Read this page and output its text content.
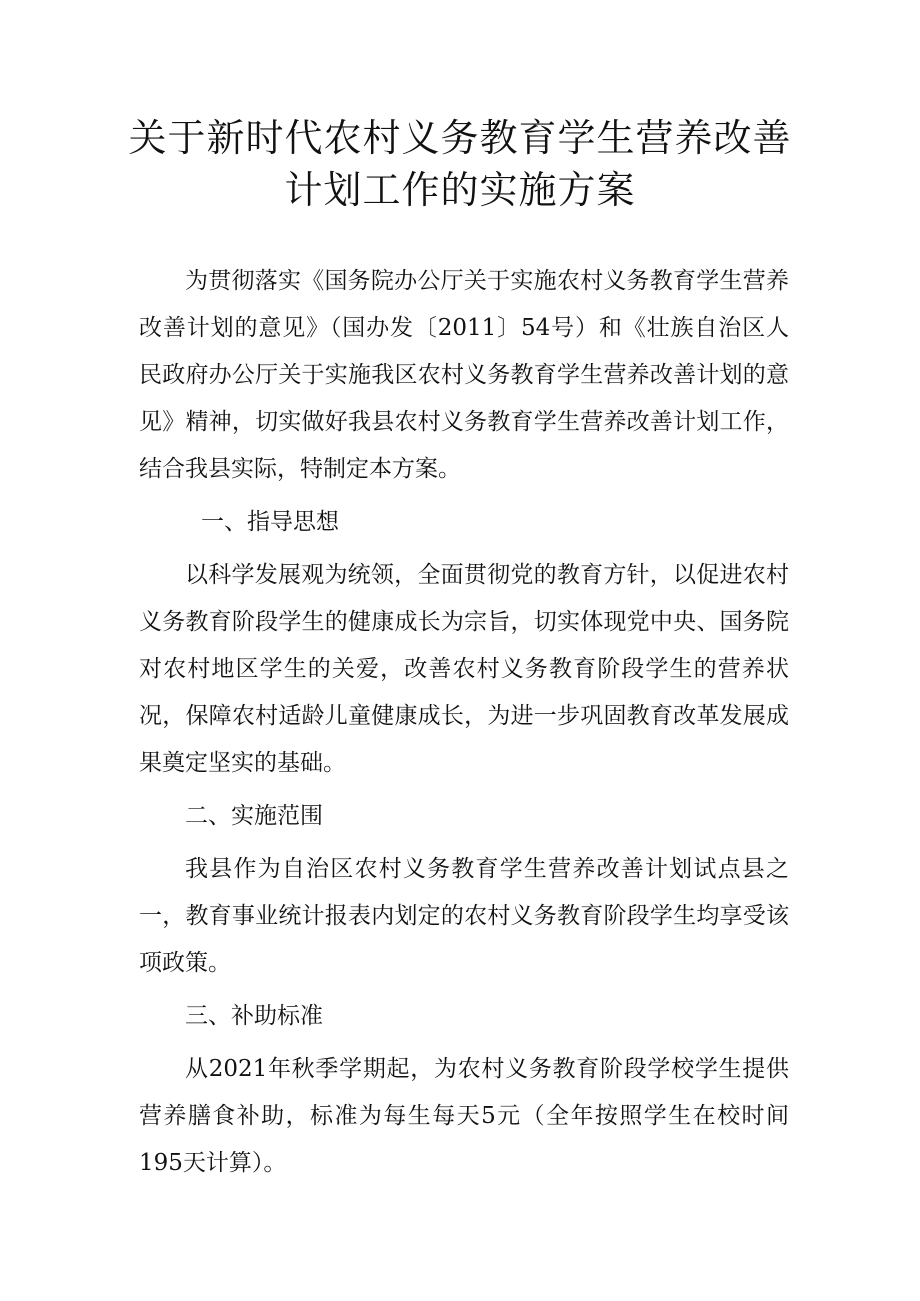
关于新时代农村义务教育学生营养改善计划工作的实施方案

为贯彻落实《国务院办公厅关于实施农村义务教育学生营养改善计划的意见》（国办发〔2011〕54号）和《壮族自治区人民政府办公厅关于实施我区农村义务教育学生营养改善计划的意见》精神，切实做好我县农村义务教育学生营养改善计划工作，结合我县实际，特制定本方案。

一、指导思想

以科学发展观为统领，全面贯彻党的教育方针，以促进农村义务教育阶段学生的健康成长为宗旨，切实体现党中央、国务院对农村地区学生的关爱，改善农村义务教育阶段学生的营养状况，保障农村适龄儿童健康成长，为进一步巩固教育改革发展成果奠定坚实的基础。

二、实施范围

我县作为自治区农村义务教育学生营养改善计划试点县之一，教育事业统计报表内划定的农村义务教育阶段学生均享受该项政策。

三、补助标准

从2021年秋季学期起，为农村义务教育阶段学校学生提供营养膳食补助，标准为每生每天5元（全年按照学生在校时间195天计算）。
